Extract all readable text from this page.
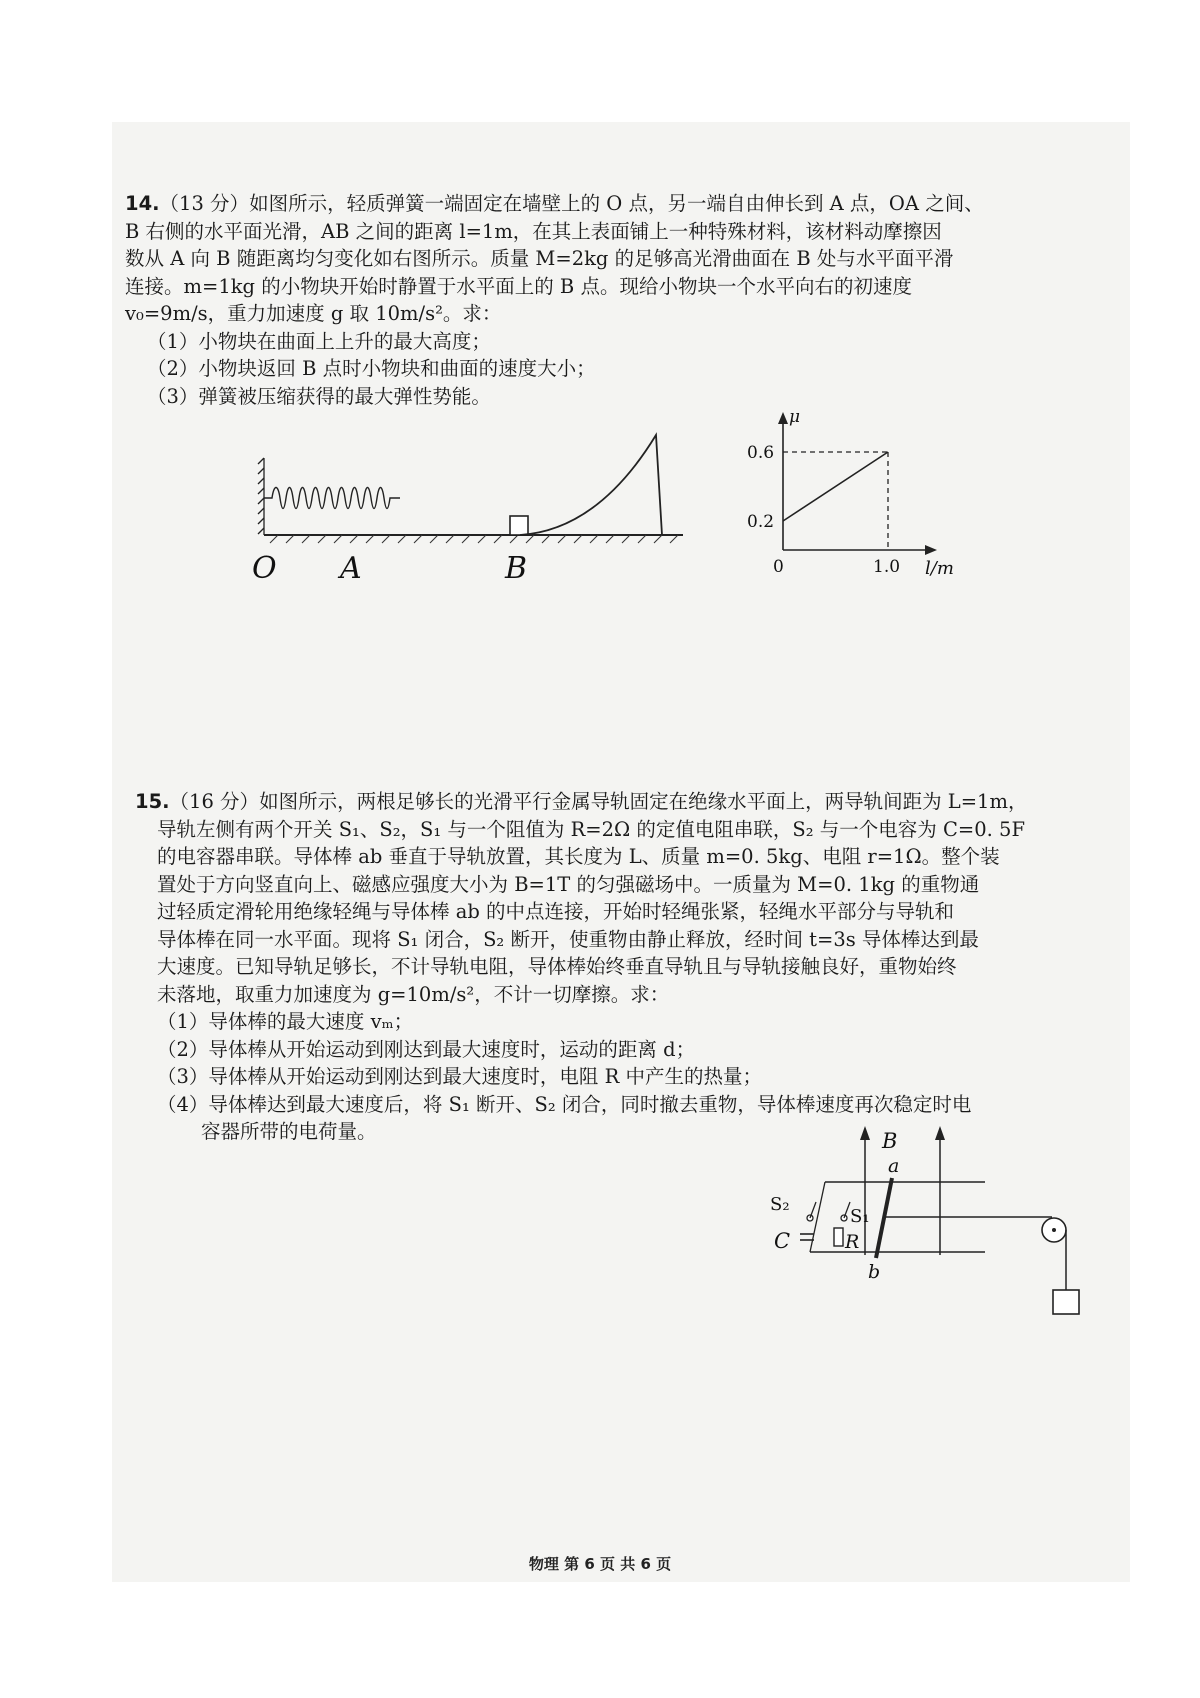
14.（13 分）如图所示，轻质弹簧一端固定在墙壁上的 O 点，另一端自由伸长到 A 点，OA 之间、

B 右侧的水平面光滑，AB 之间的距离 l=1m，在其上表面铺上一种特殊材料，该材料动摩擦因

数从 A 向 B 随距离均匀变化如右图所示。质量 M=2kg 的足够高光滑曲面在 B 处与水平面平滑

连接。m=1kg 的小物块开始时静置于水平面上的 B 点。现给小物块一个水平向右的初速度

v₀=9m/s，重力加速度 g 取 10m/s²。求：

（1）小物块在曲面上上升的最大高度；

（2）小物块返回 B 点时小物块和曲面的速度大小；

（3）弹簧被压缩获得的最大弹性势能。

O A	B
μ
0.6
0.2
0	1.0 l/m

15.（16 分）如图所示，两根足够长的光滑平行金属导轨固定在绝缘水平面上，两导轨间距为 L=1m，

导轨左侧有两个开关 S₁、S₂，S₁ 与一个阻值为 R=2Ω 的定值电阻串联，S₂ 与一个电容为 C=0. 5F

的电容器串联。导体棒 ab 垂直于导轨放置，其长度为 L、质量 m=0. 5kg、电阻 r=1Ω。整个装

置处于方向竖直向上、磁感应强度大小为 B=1T 的匀强磁场中。一质量为 M=0. 1kg 的重物通

过轻质定滑轮用绝缘轻绳与导体棒 ab 的中点连接，开始时轻绳张紧，轻绳水平部分与导轨和

导体棒在同一水平面。现将 S₁ 闭合，S₂ 断开，使重物由静止释放，经时间 t=3s 导体棒达到最

大速度。已知导轨足够长，不计导轨电阻，导体棒始终垂直导轨且与导轨接触良好，重物始终

未落地，取重力加速度为 g=10m/s²，不计一切摩擦。求：

（1）导体棒的最大速度 vₘ；

（2）导体棒从开始运动到刚达到最大速度时，运动的距离 d；

（3）导体棒从开始运动到刚达到最大速度时，电阻 R 中产生的热量；

（4）导体棒达到最大速度后，将 S₁ 断开、S₂ 闭合，同时撤去重物，导体棒速度再次稳定时电

容器所带的电荷量。	B
a
b
S₂
S₁
C	R
物理 第 6 页 共 6 页
